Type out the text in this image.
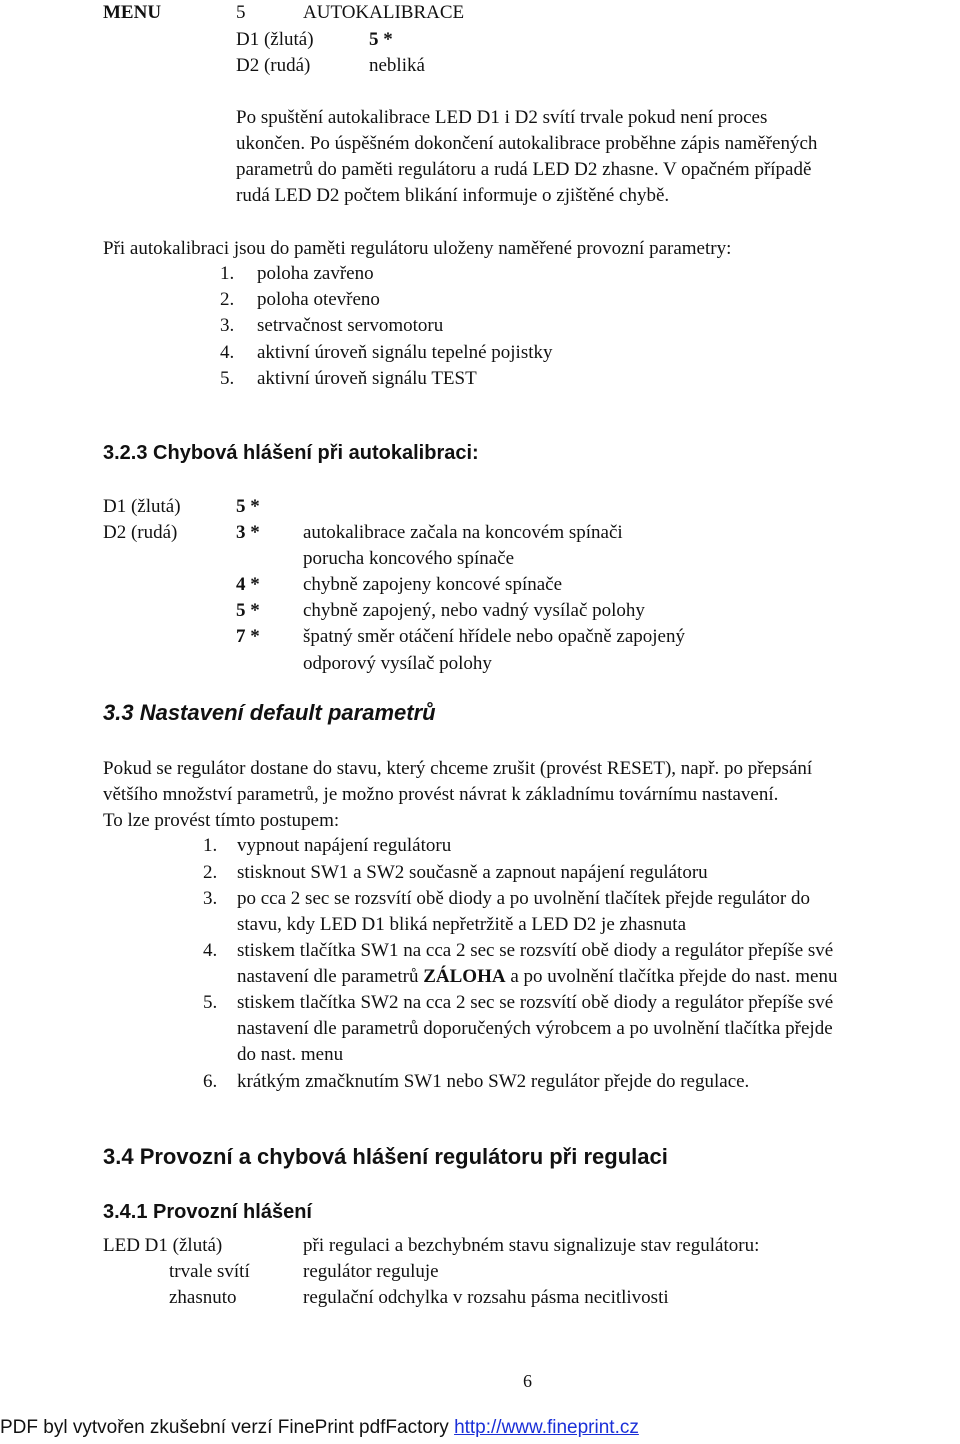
MENU	5	AUTOKALIBRACE
D1 (žlutá)	5 *
D2 (rudá)	nebliká
Po spuštění autokalibrace LED D1 i D2 svítí trvale pokud není proces
ukončen. Po úspěšném dokončení autokalibrace proběhne zápis naměřených
parametrů do paměti regulátoru a rudá LED D2 zhasne. V opačném případě
rudá LED D2 počtem blikání informuje o zjištěné chybě.
Při autokalibraci jsou do paměti regulátoru uloženy naměřené provozní parametry:
1. poloha zavřeno
2. poloha otevřeno
3. setrvačnost servomotoru
4. aktivní úroveň signálu tepelné pojistky
5. aktivní úroveň signálu TEST
3.2.3 Chybová hlášení při autokalibraci:
D1 (žlutá)	5 *
D2 (rudá)	3 * autokalibrace začala na koncovém spínači
porucha koncového spínače
4 * chybně zapojeny koncové spínače
5 * chybně zapojený, nebo vadný vysílač polohy
7 * špatný směr otáčení hřídele nebo opačně zapojený
odporový vysílač polohy
3.3 Nastavení default parametrů
Pokud se regulátor dostane do stavu, který chceme zrušit (provést RESET), např. po přepsání
většího množství parametrů, je možno provést návrat k základnímu továrnímu nastavení.
To lze provést tímto postupem:
1. vypnout napájení regulátoru
2. stisknout SW1 a SW2 současně a zapnout napájení regulátoru
3. po cca 2 sec se rozsvítí obě diody a po uvolnění tlačítek přejde regulátor do
stavu, kdy LED D1 bliká nepřetržitě a LED D2 je zhasnuta
4. stiskem tlačítka SW1 na cca 2 sec se rozsvítí obě diody a regulátor přepíše své
nastavení dle parametrů ZÁLOHA a po uvolnění tlačítka přejde do nast. menu
5. stiskem tlačítka SW2 na cca 2 sec se rozsvítí obě diody a regulátor přepíše své
nastavení dle parametrů doporučených výrobcem a po uvolnění tlačítka přejde
do nast. menu
6. krátkým zmačknutím SW1 nebo SW2 regulátor přejde do regulace.
3.4 Provozní a chybová hlášení regulátoru při regulaci
3.4.1 Provozní hlášení
LED D1 (žlutá)	při regulaci a bezchybném stavu signalizuje stav regulátoru:
trvale svítí	regulátor reguluje
zhasnuto	regulační odchylka v rozsahu pásma necitlivosti
6
PDF byl vytvořen zkušební verzí FinePrint pdfFactory http://www.fineprint.cz
